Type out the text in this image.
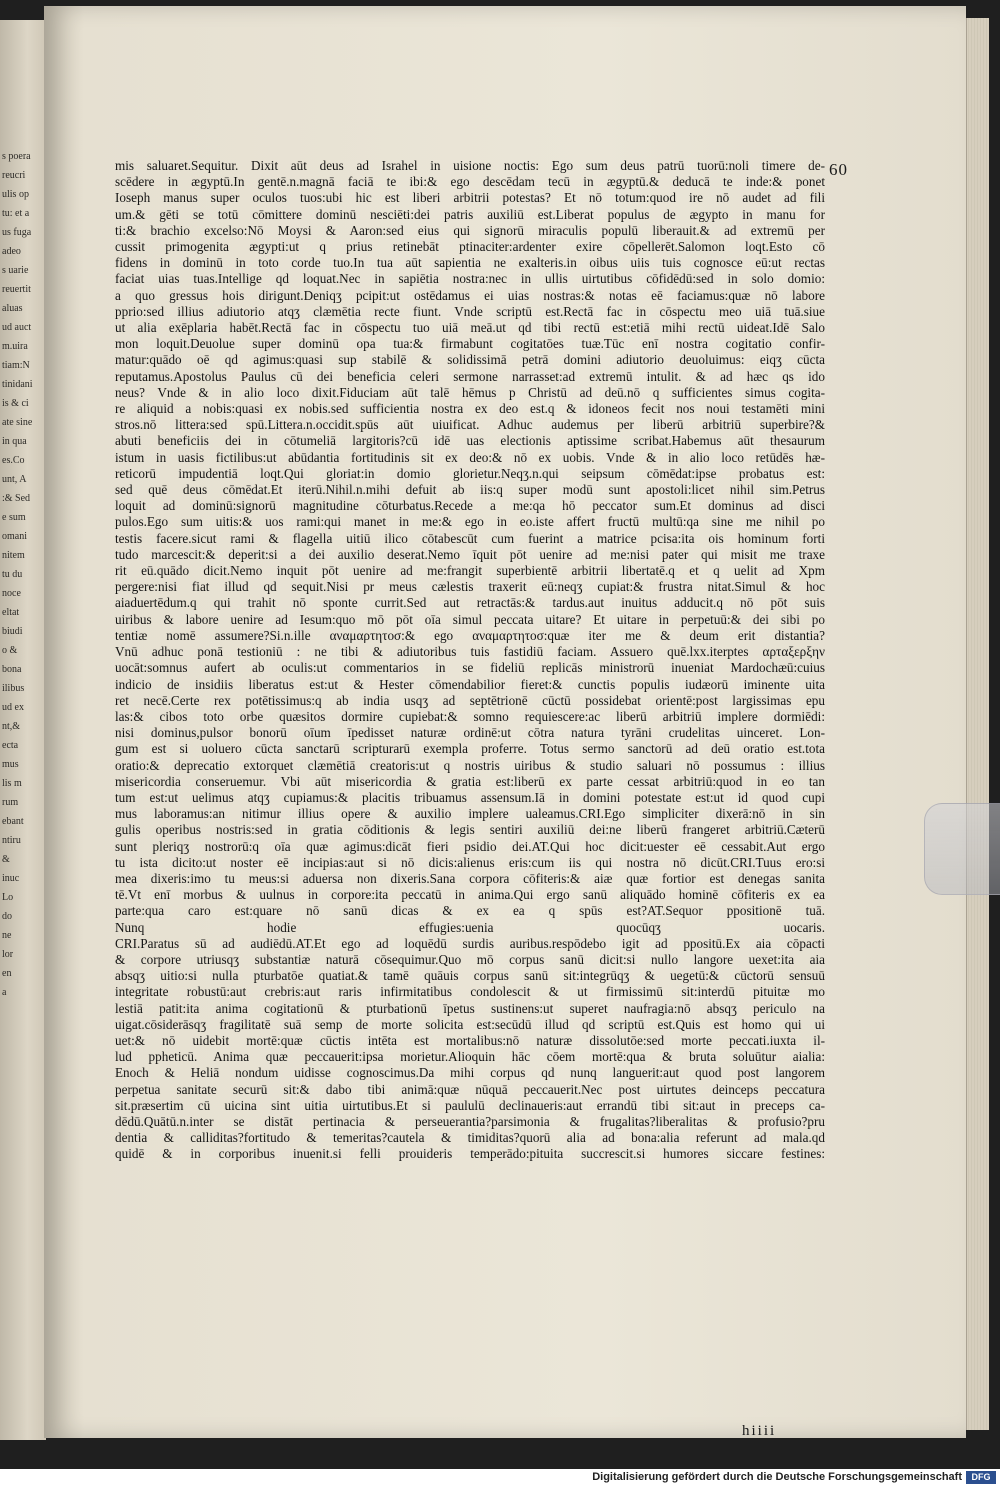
s poera
reucri
ulis op
tu: et a
us fuga
adeo
s uarie
reuertit
aluas
ud auct
m.uira
tiam:N
tinidani
is & ci
ate sine
in qua
es.Co
unt, A
:& Sed
e sum
omani
nitem
tu du
noce
eltat
biudi
o &
bona
ilibus
ud ex
nt,&
ecta
mus
lis m
rum
ebant
ntiru
&
inuc
Lo
do
ne
lor
en
a
60

mis saluaret.Sequitur. Dixit aūt deus ad Israhel in uisione noctis: Ego sum deus patrū tuorū:noli timere de-

scēdere in ægyptū.In gentē.n.magnā faciā te ibi:& ego descēdam tecū in ægyptū.& deducā te inde:& ponet

Ioseph manus super oculos tuos:ubi hic est liberi arbitrii potestas? Et nō totum:quod ire nō audet ad fili

um.& gēti se totū cōmittere dominū nesciēti:dei patris auxiliū est.Liberat populus de ægypto in manu for

ti:& brachio excelso:Nō Moysi & Aaron:sed eius qui signorū miraculis populū liberauit.& ad extremū per

cussit primogenita ægypti:ut q prius retinebāt ptinaciter:ardenter exire cōpellerēt.Salomon loqt.Esto cō

fidens in dominū in toto corde tuo.In tua aūt sapientia ne exalteris.in oibus uiis tuis cognosce eū:ut rectas

faciat uias tuas.Intellige qd loquat.Nec in sapiētia nostra:nec in ullis uirtutibus cōfidēdū:sed in solo domio:

a quo gressus hois dirigunt.Deniqʒ pcipit:ut ostēdamus ei uias nostras:& notas eē faciamus:quæ nō labore

pprio:sed illius adiutorio atqʒ clæmētia recte fiunt. Vnde scriptū est.Rectā fac in cōspectu meo uiā tuā.siue

ut alia exēplaria habēt.Rectā fac in cōspectu tuo uiā meā.ut qd tibi rectū est:etiā mihi rectū uideat.Idē Salo

mon loquit.Deuolue super dominū opa tua:& firmabunt cogitatōes tuæ.Tūc enī nostra cogitatio confir-

matur:quādo oē qd agimus:quasi sup stabilē & solidissimā petrā domini adiutorio deuoluimus: eiqʒ cūcta

reputamus.Apostolus Paulus cū dei beneficia celeri sermone narrasset:ad extremū intulit. & ad hæc qs ido

neus? Vnde & in alio loco dixit.Fiduciam aūt talē hēmus p Christū ad deū.nō q sufficientes simus cogita-

re aliquid a nobis:quasi ex nobis.sed sufficientia nostra ex deo est.q & idoneos fecit nos noui testamēti mini

stros.nō littera:sed spū.Littera.n.occidit.spūs aūt uiuificat. Adhuc audemus per liberū arbitriū superbire?&

abuti beneficiis dei in cōtumeliā largitoris?cū idē uas electionis aptissime scribat.Habemus aūt thesaurum

istum in uasis fictilibus:ut abūdantia fortitudinis sit ex deo:& nō ex uobis. Vnde & in alio loco retūdēs hæ-

reticorū impudentiā loqt.Qui gloriat:in domio glorietur.Neqʒ.n.qui seipsum cōmēdat:ipse probatus est:

sed quē deus cōmēdat.Et iterū.Nihil.n.mihi defuit ab iis:q super modū sunt apostoli:licet nihil sim.Petrus

loquit ad dominū:signorū magnitudine cōturbatus.Recede a me:qa hō peccator sum.Et dominus ad disci

pulos.Ego sum uitis:& uos rami:qui manet in me:& ego in eo.iste affert fructū multū:qa sine me nihil po

testis facere.sicut rami & flagella uitiū ilico cōtabescūt cum fuerint a matrice pcisa:ita ois hominum forti

tudo marcescit:& deperit:si a dei auxilio deserat.Nemo īquit pōt uenire ad me:nisi pater qui misit me traxe

rit eū.quādo dicit.Nemo inquit pōt uenire ad me:frangit superbientē arbitrii libertatē.q et q uelit ad Xpm

pergere:nisi fiat illud qd sequit.Nisi pr meus cælestis traxerit eū:neqʒ cupiat:& frustra nitat.Simul & hoc

aiaduertēdum.q qui trahit nō sponte currit.Sed aut retractās:& tardus.aut inuitus adducit.q nō pōt suis

uiribus & labore uenire ad Iesum:quo mō pōt oīa simul peccata uitare? Et uitare in perpetuū:& dei sibi po

tentiæ nomē assumere?Si.n.ille αναμαρτητοσ:& ego αναμαρτητοσ:quæ iter me & deum erit distantia?

Vnū adhuc ponā testioniū : ne tibi & adiutoribus tuis fastidiū faciam. Assuero quē.lxx.iterptes αρταξερξην

uocāt:somnus aufert ab oculis:ut commentarios in se fideliū replicās ministrorū inueniat Mardochæū:cuius

indicio de insidiis liberatus est:ut & Hester cōmendabilior fieret:& cunctis populis iudæorū iminente uita

ret necē.Certe rex potētissimus:q ab india usqʒ ad septētrionē cūctū possidebat orientē:post largissimas epu

las:& cibos toto orbe quæsitos dormire cupiebat:& somno requiescere:ac liberū arbitriū implere dormiēdi:

nisi dominus,pulsor bonorū oīum īpedisset naturæ ordinē:ut cōtra natura tyrāni crudelitas uinceret. Lon-

gum est si uoluero cūcta sanctarū scripturarū exempla proferre. Totus sermo sanctorū ad deū oratio est.tota

oratio:& deprecatio extorquet clæmētiā creatoris:ut q nostris uiribus & studio saluari nō possumus : illius

misericordia conseruemur. Vbi aūt misericordia & gratia est:liberū ex parte cessat arbitriū:quod in eo tan

tum est:ut uelimus atqʒ cupiamus:& placitis tribuamus assensum.Iā in domini potestate est:ut id quod cupi

mus laboramus:an nitimur illius opere & auxilio implere ualeamus.CRI.Ego simpliciter dixerā:nō in sin

gulis operibus nostris:sed in gratia cōditionis & legis sentiri auxiliū dei:ne liberū frangeret arbitriū.Cæterū

sunt pleriqʒ nostrorū:q oīa quæ agimus:dicāt fieri psidio dei.AT.Qui hoc dicit:uester eē cessabit.Aut ergo

tu ista dicito:ut noster eē incipias:aut si nō dicis:alienus eris:cum iis qui nostra nō dicūt.CRI.Tuus ero:si

mea dixeris:imo tu meus:si aduersa non dixeris.Sana corpora cōfiteris:& aiæ quæ fortior est denegas sanita

tē.Vt enī morbus & uulnus in corpore:ita peccatū in anima.Qui ergo sanū aliquādo hominē cōfiteris ex ea

parte:qua caro est:quare nō sanū dicas & ex ea q spūs est?AT.Sequor ppositionē tuā.

Nunq hodie effugies:uenia quocūqʒ uocaris.

CRI.Paratus sū ad audiēdū.AT.Et ego ad loquēdū surdis auribus.respōdebo igit ad ppositū.Ex aia cōpacti

& corpore utriusqʒ substantiæ naturā cōsequimur.Quo mō corpus sanū dicit:si nullo langore uexet:ita aia

absqʒ uitio:si nulla pturbatōe quatiat.& tamē quāuis corpus sanū sit:integrūqʒ & uegetū:& cūctorū sensuū

integritate robustū:aut crebris:aut raris infirmitatibus condolescit & ut firmissimū sit:interdū pituitæ mo

lestiā patit:ita anima cogitationū & pturbationū īpetus sustinens:ut superet naufragia:nō absqʒ periculo na

uigat.cōsiderāsqʒ fragilitatē suā semp de morte solicita est:secūdū illud qd scriptū est.Quis est homo qui ui

uet:& nō uidebit mortē:quæ cūctis intēta est mortalibus:nō naturæ dissolutōe:sed morte peccati.iuxta il-

lud ppheticū. Anima quæ peccauerit:ipsa morietur.Alioquin hāc cōem mortē:qua & bruta soluūtur aialia:

Enoch & Heliā nondum uidisse cognoscimus.Da mihi corpus qd nunq languerit:aut quod post langorem

perpetua sanitate securū sit:& dabo tibi animā:quæ nūquā peccauerit.Nec post uirtutes deinceps peccatura

sit.præsertim cū uicina sint uitia uirtutibus.Et si paululū declinaueris:aut errandū tibi sit:aut in preceps ca-

dēdū.Quātū.n.inter se distāt pertinacia & perseuerantia?parsimonia & frugalitas?liberalitas & profusio?pru

dentia & calliditas?fortitudo & temeritas?cautela & timiditas?quorū alia ad bona:alia referunt ad mala.qd

quidē & in corporibus inuenit.si felli prouideris temperādo:pituita succrescit.si humores siccare festines:

hiiii
Digitalisierung gefördert durch die Deutsche Forschungsgemeinschaft	DFG
